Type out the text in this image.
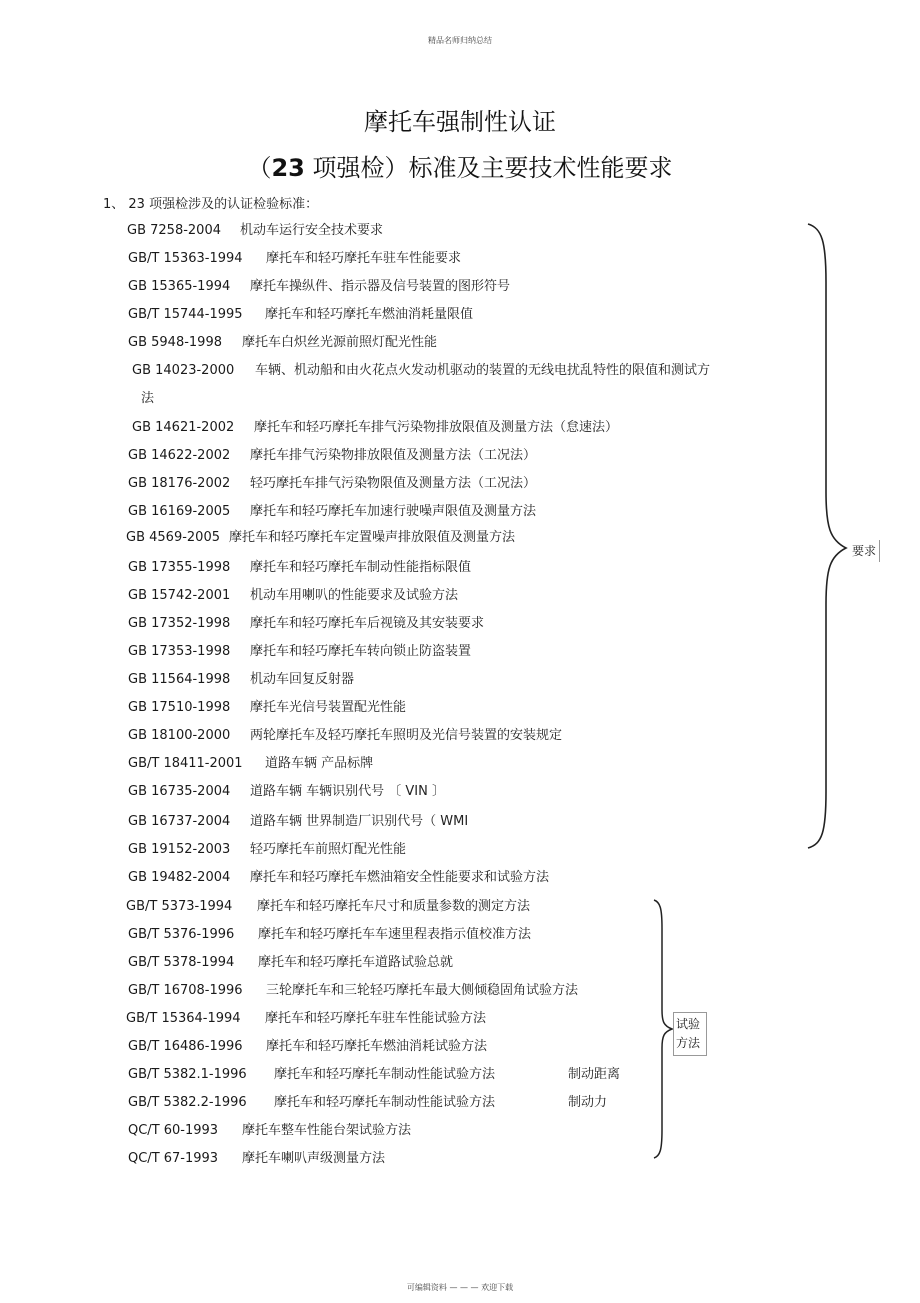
精品名师归纳总结
摩托车强制性认证
（23 项强检）标准及主要技术性能要求
1、 23 项强检涉及的认证检验标准：
GB 7258-2004 机动车运行安全技术要求
GB/T 15363-1994 摩托车和轻巧摩托车驻车性能要求
GB 15365-1994 摩托车操纵件、指示器及信号装置的图形符号
GB/T 15744-1995 摩托车和轻巧摩托车燃油消耗量限值
GB 5948-1998 摩托车白炽丝光源前照灯配光性能
GB 14023-2000 车辆、机动船和由火花点火发动机驱动的装置的无线电扰乱特性的限值和测试方
法
GB 14621-2002 摩托车和轻巧摩托车排气污染物排放限值及测量方法（怠速法）
GB 14622-2002 摩托车排气污染物排放限值及测量方法（工况法）
GB 18176-2002 轻巧摩托车排气污染物限值及测量方法（工况法）
GB 16169-2005 摩托车和轻巧摩托车加速行驶噪声限值及测量方法
GB 4569-2005 摩托车和轻巧摩托车定置噪声排放限值及测量方法
GB 17355-1998 摩托车和轻巧摩托车制动性能指标限值
GB 15742-2001 机动车用喇叭的性能要求及试验方法
GB 17352-1998 摩托车和轻巧摩托车后视镜及其安装要求
GB 17353-1998 摩托车和轻巧摩托车转向锁止防盗装置
GB 11564-1998 机动车回复反射器
GB 17510-1998 摩托车光信号装置配光性能
GB 18100-2000 两轮摩托车及轻巧摩托车照明及光信号装置的安装规定
GB/T 18411-2001 道路车辆 产品标牌
GB 16735-2004 道路车辆 车辆识别代号 〔 VIN 〕
GB 16737-2004 道路车辆 世界制造厂识别代号（ WMI
GB 19152-2003 轻巧摩托车前照灯配光性能
GB 19482-2004 摩托车和轻巧摩托车燃油箱安全性能要求和试验方法
要求
GB/T 5373-1994 摩托车和轻巧摩托车尺寸和质量参数的测定方法
GB/T 5376-1996 摩托车和轻巧摩托车车速里程表指示值校准方法
GB/T 5378-1994 摩托车和轻巧摩托车道路试验总就
GB/T 16708-1996 三轮摩托车和三轮轻巧摩托车最大侧倾稳固角试验方法
GB/T 15364-1994 摩托车和轻巧摩托车驻车性能试验方法
GB/T 16486-1996 摩托车和轻巧摩托车燃油消耗试验方法
GB/T 5382.1-1996 摩托车和轻巧摩托车制动性能试验方法	制动距离
GB/T 5382.2-1996 摩托车和轻巧摩托车制动性能试验方法	制动力
QC/T 60-1993 摩托车整车性能台架试验方法
QC/T 67-1993 摩托车喇叭声级测量方法
试验方法
可编辑资料 — — — 欢迎下载
